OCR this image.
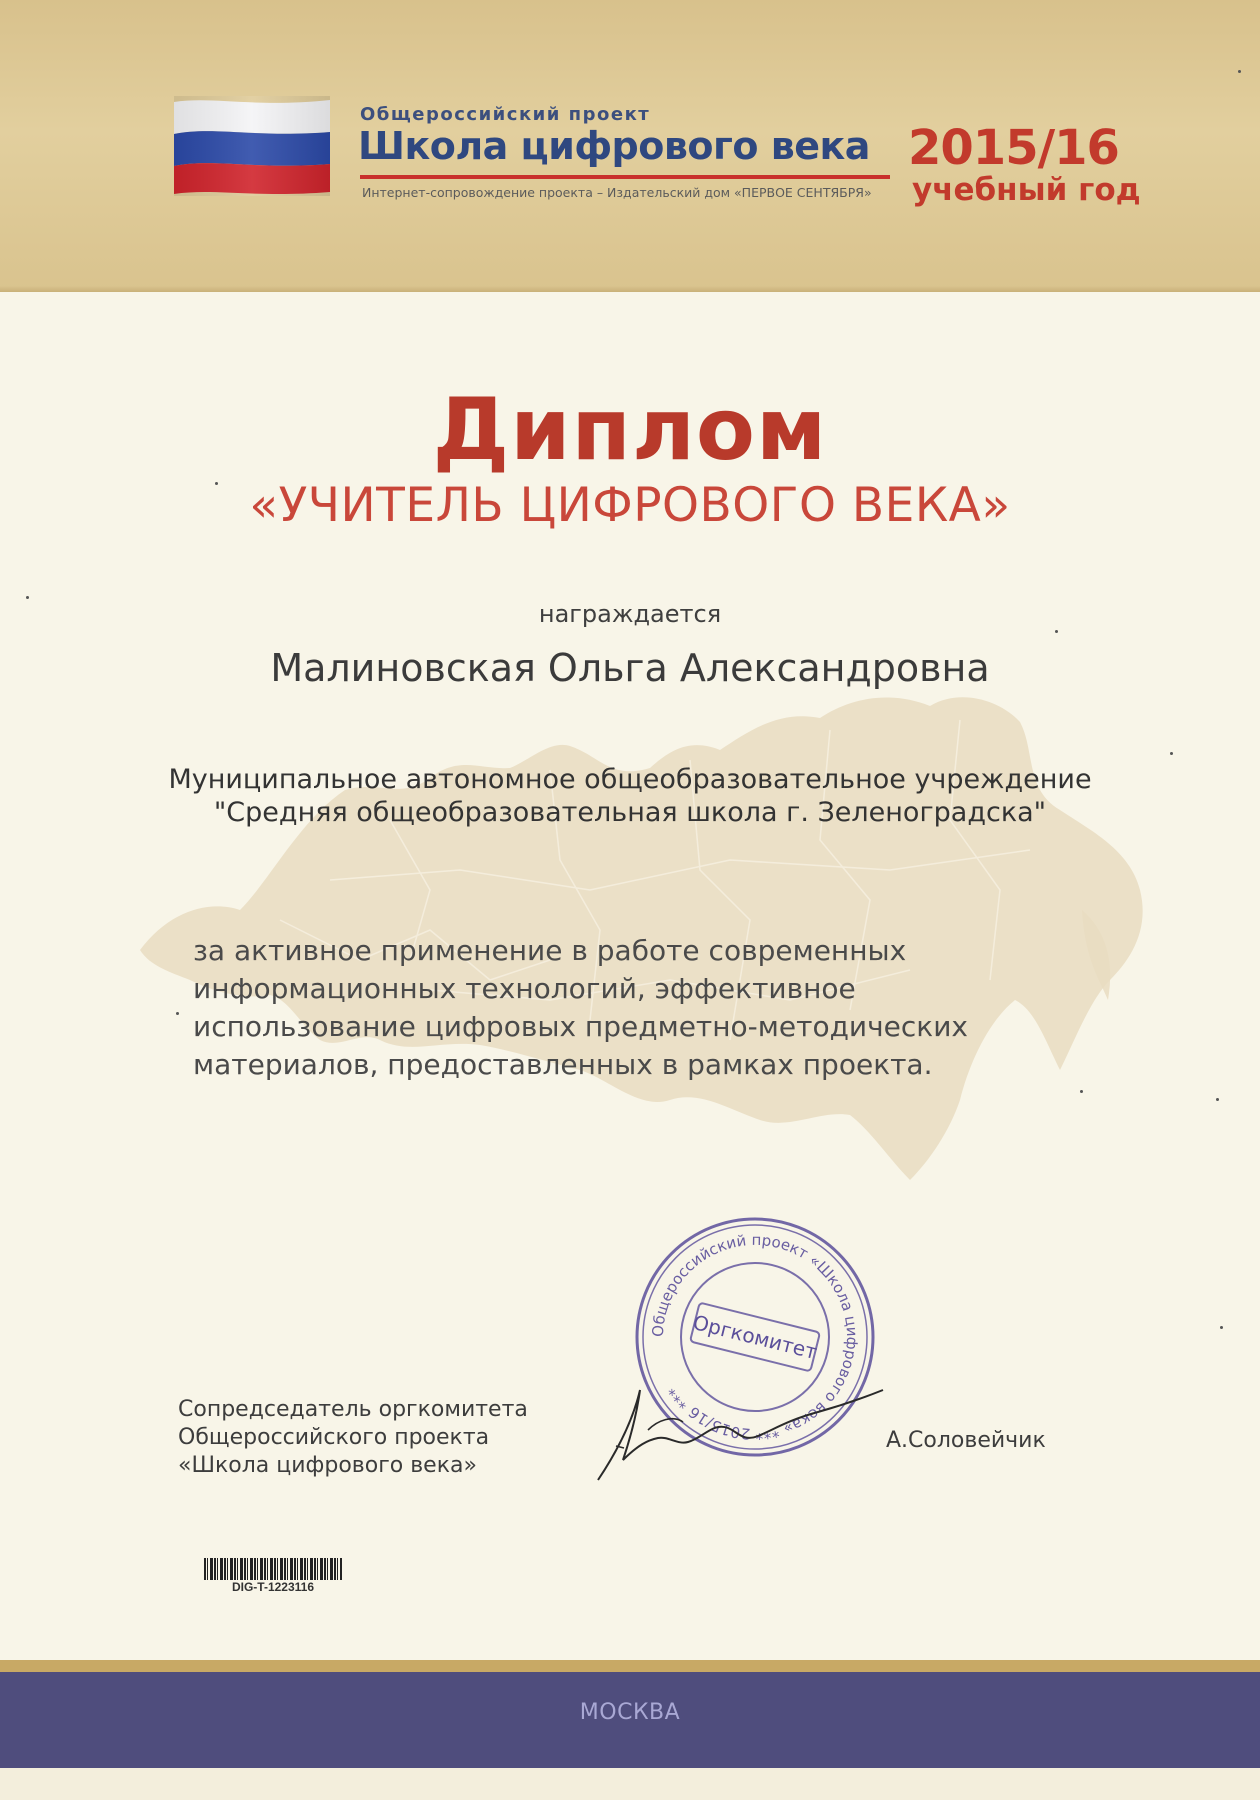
Общероссийский проект
Школа цифрового века
Интернет-сопровождение проекта – Издательский дом «ПЕРВОЕ СЕНТЯБРЯ»
2015/16
учебный год
Диплом
«УЧИТЕЛЬ ЦИФРОВОГО ВЕКА»
награждается
Малиновская Ольга Александровна
Муниципальное автономное общеобразовательное учреждение
"Средняя общеобразовательная школа г. Зеленоградска"
за активное применение в работе современных
информационных технологий, эффективное
использование цифровых предметно-методических
материалов, предоставленных в рамках проекта.
Сопредседатель оргкомитета
Общероссийского проекта
«Школа цифрового века»
Общероссийский проект «Школа цифрового века» *** 2015/16 ***
Оргкомитет
А.Соловейчик
DIG-T-1223116
МОСКВА
